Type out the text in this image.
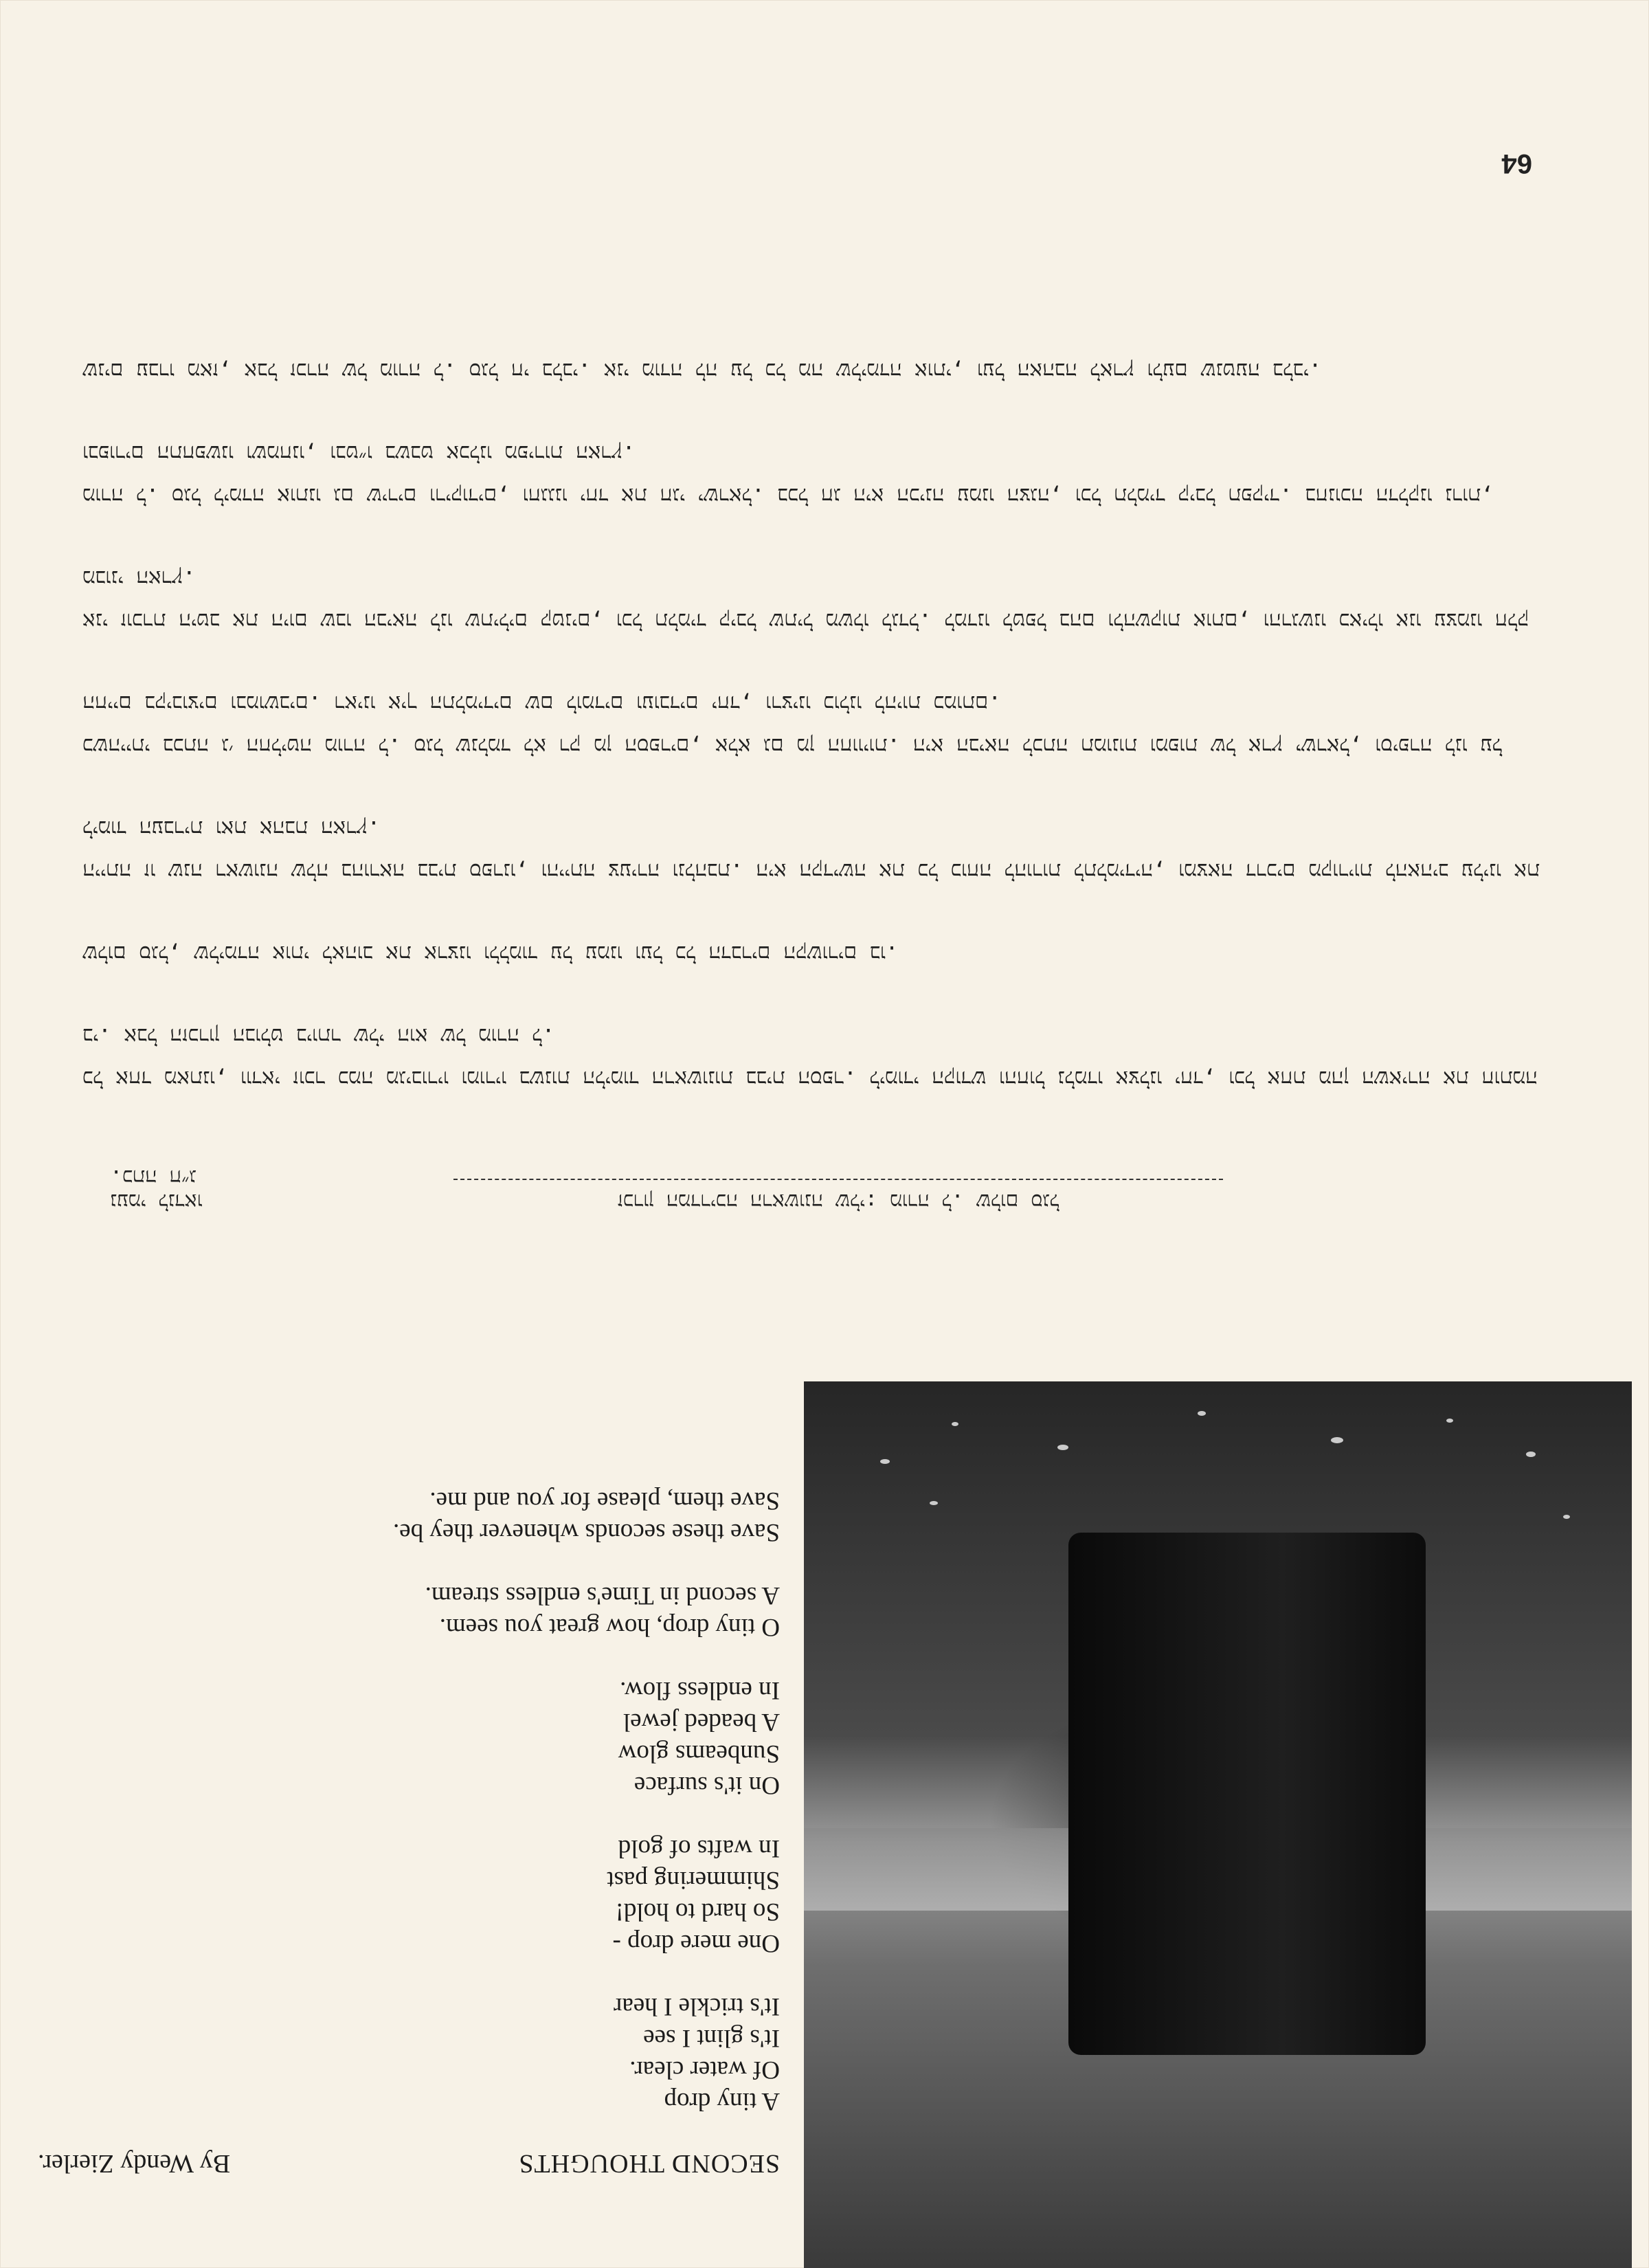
64
SECOND THOUGHTS
By Wendy Zierler.
A tiny drop
Of water clear.
It's glint I see
It's trickle I hear
One mere drop -
So hard to hold!
Shimmering past
In wafts of gold
On it's surface
Sunbeams glow
A beaded jewel
In endless flow.
O tiny drop, how great you seem.
A second in Time's endless stream.
Save these seconds whenever they be.
Save them, please for you and me.
זכרון המדריכה הראשונה שלי: מורה ל. שלום סגל
נעמי לנדאו
כתה ח״ג.

כל אחד מאתנו, וודאי זוכר כמה מגיבוריו ומוריו בשנות הלימוד הראשונות בבית הספר. לימודי הקודש והחול נלמדו אצלנו יחד, וכל אחת מהן השאירה את חותמה בי. אבל הזכרון הבולט ביותר שלי הוא של מורה ל.

שלום סגל, שלימדה אותי לאהוב את ארצנו וללמוד על עמנו ועל כל הדברים הקשורים בו.

הייתה זו שנה ראשונה שלה בהוראה בבית ספרנו, והייתה צעירה ונלהבת. היא הקדישה את כל כוחה להורות לתלמידיה, ומצאה דרכים מקוריות להאהיב עלינו את לימוד העברית ואת אהבת הארץ.

כשהייתי בכתה ג׳ החליטה מורה ל. סגל שנלמד לא רק מן הספרים, אלא גם מן החוויות. היא הביאה לכתה תמונות ומפות של ארץ ישראל, וסיפרה לנו על החיים בקיבוצים ובמושבים. ראינו איך התלמידים שם לומדים ועובדים יחד, ורצינו כולנו להיות כמותם.

אני זוכרת היטב את היום שבו הביאה לנו שתילים קטנים, וכל תלמיד קיבל שתיל משלו לגדל. למדנו לטפל בהם ולהשקות אותם, והרגשנו כאילו אנו עצמנו חלק מבוני הארץ.

מורה ל. סגל לימדה אותנו גם שירים וריקודים, וחגגנו יחד את חגי ישראל. בכל חג היא הכינה עמנו הצגה, וכל תלמיד קיבל תפקיד. בחנוכה הדלקנו נרות, ובפורים התחפשנו ושמחנו, ובט״ו בשבט אכלנו מפירות הארץ.

שנים עברו מאז, אבל זכרה של מורה ל. סגל חי בלבי. אני מודה לה על כל מה שלימדה אותי, ועל האהבה לארץ ולעם שנטעה בלבי.
